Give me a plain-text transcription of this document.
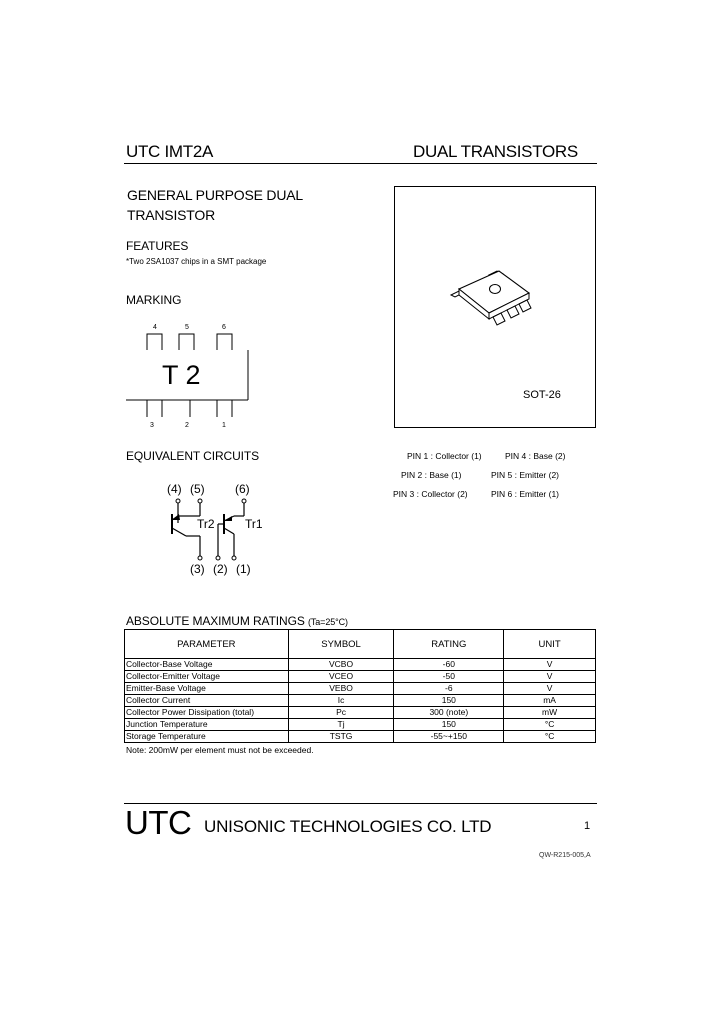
UTC IMT2A	DUAL TRANSISTORS
GENERAL PURPOSE DUAL
TRANSISTOR
FEATURES
*Two 2SA1037 chips in a SMT package
MARKING
4	5	6
T 2
3	2	1
SOT-26
PIN 1 : Collector (1)	PIN 4 : Base (2)
PIN 2 : Base (1)	PIN 5 : Emitter (2)
PIN 3 : Collector (2)	PIN 6 : Emitter (1)
EQUIVALENT CIRCUITS
(4) (5)	(6)
Tr2	Tr1
(3) (2) (1)
ABSOLUTE MAXIMUM RATINGS (Ta=25°C)
PARAMETER	SYMBOL	RATING	UNIT
Collector-Base Voltage	VCBO	-60	V
Collector-Emitter Voltage	VCEO	-50	V
Emitter-Base Voltage	VEBO	-6	V
Collector Current	Ic	150	mA
Collector Power Dissipation (total)	Pc	300 (note)	mW
Junction Temperature	Tj	150	°C
Storage Temperature	TSTG	-55~+150	°C
Note: 200mW per element must not be exceeded.
UTC UNISONIC TECHNOLOGIES CO. LTD	1
QW-R215-005,A
